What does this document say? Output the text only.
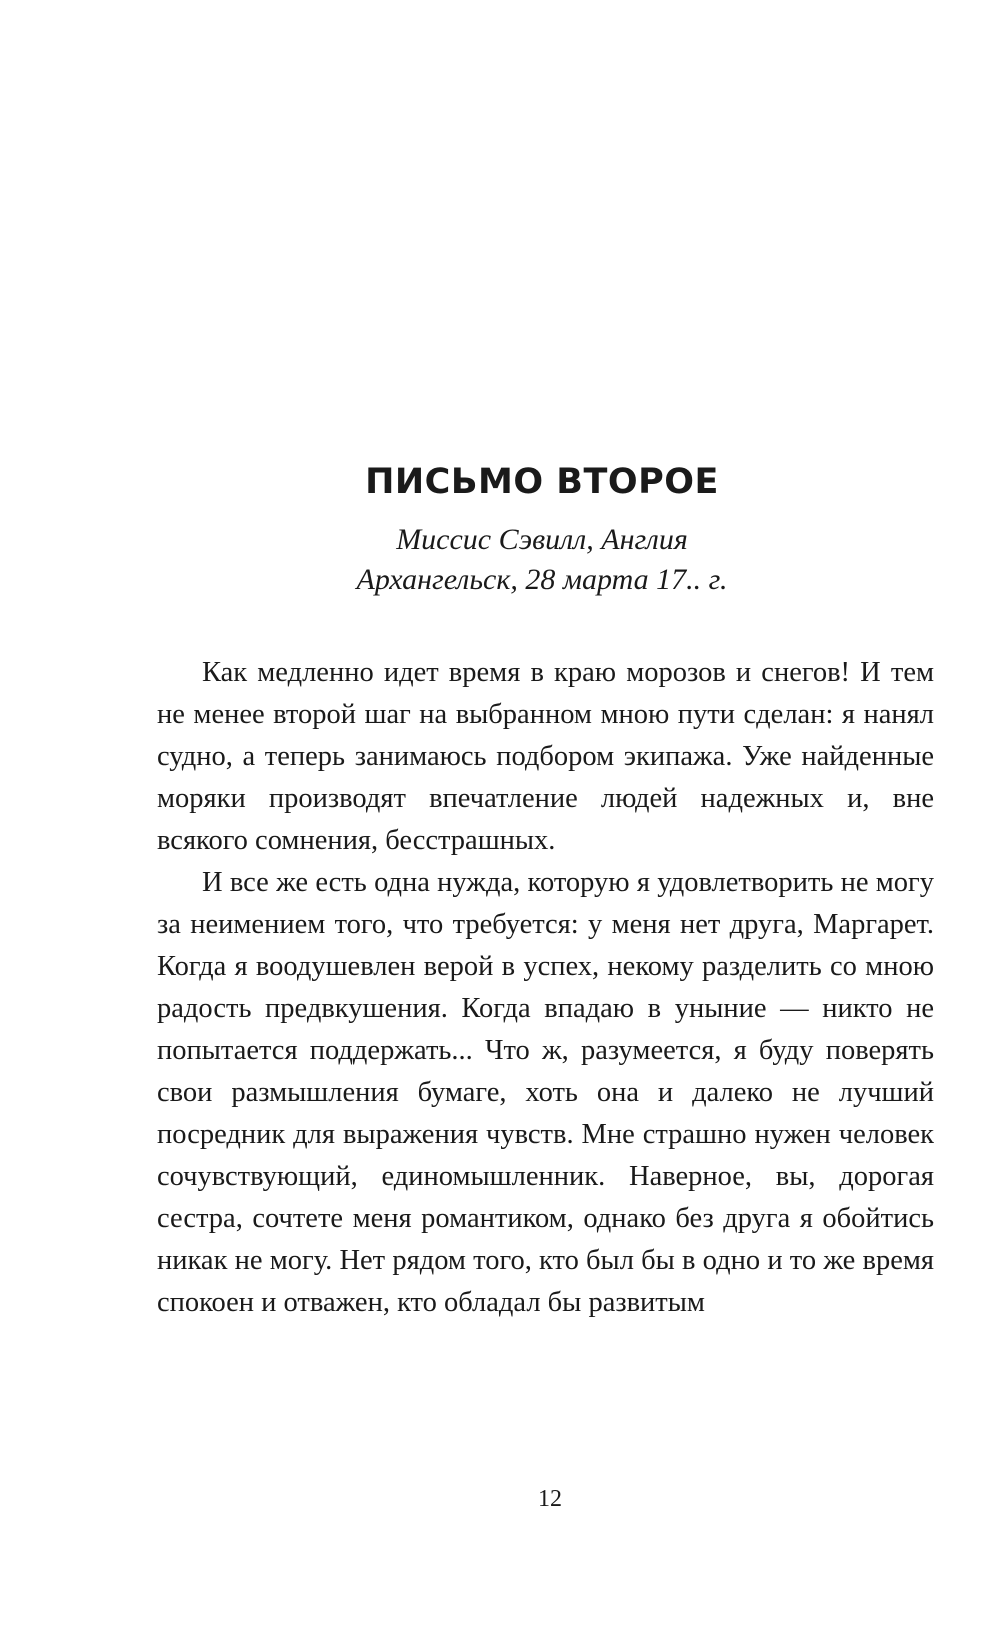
ПИСЬМО ВТОРОЕ
Миссис Сэвилл, Англия
Архангельск, 28 марта 17.. г.

Как медленно идет время в краю морозов и снегов! И тем не менее второй шаг на выбранном мною пути сделан: я нанял судно, а теперь занимаюсь подбором экипажа. Уже найденные моряки производят впечатление людей надежных и, вне всякого сомнения, бесстрашных.

И все же есть одна нужда, которую я удовлетворить не могу за неимением того, что требуется: у меня нет друга, Маргарет. Когда я воодушевлен верой в успех, некому разделить со мною радость предвкушения. Когда впадаю в уныние — никто не попытается поддержать... Что ж, разумеется, я буду поверять свои размышления бумаге, хоть она и далеко не лучший посредник для выражения чувств. Мне страшно нужен человек сочувствующий, единомышленник. Наверное, вы, дорогая сестра, сочтете меня романтиком, однако без друга я обойтись никак не могу. Нет рядом того, кто был бы в одно и то же время спокоен и отважен, кто обладал бы развитым

12
